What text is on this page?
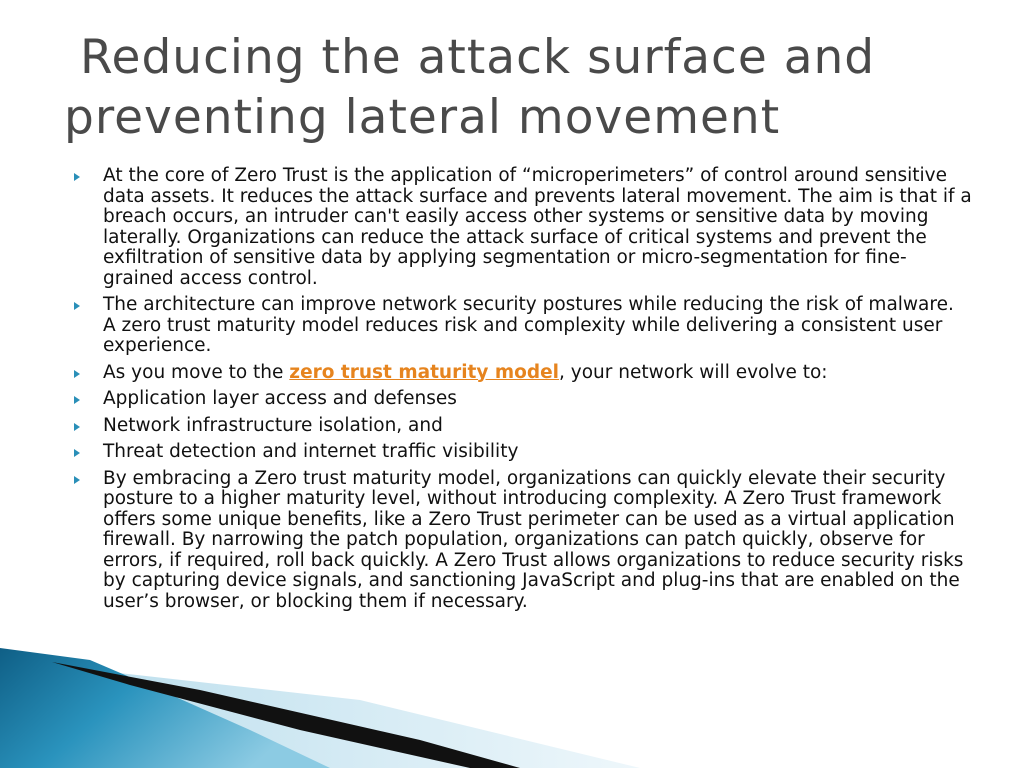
Reducing the attack surface and
preventing lateral movement
At the core of Zero Trust is the application of “microperimeters” of control around sensitive data assets. It reduces the attack surface and prevents lateral movement. The aim is that if a breach occurs, an intruder can't easily access other systems or sensitive data by moving laterally. Organizations can reduce the attack surface of critical systems and prevent the exfiltration of sensitive data by applying segmentation or micro-segmentation for fine-grained access control.
The architecture can improve network security postures while reducing the risk of malware. A zero trust maturity model reduces risk and complexity while delivering a consistent user experience.
As you move to the zero trust maturity model, your network will evolve to:
Application layer access and defenses
Network infrastructure isolation, and
Threat detection and internet traffic visibility
By embracing a Zero trust maturity model, organizations can quickly elevate their security posture to a higher maturity level, without introducing complexity. A Zero Trust framework offers some unique benefits, like a Zero Trust perimeter can be used as a virtual application firewall. By narrowing the patch population, organizations can patch quickly, observe for errors, if required, roll back quickly. A Zero Trust allows organizations to reduce security risks by capturing device signals, and sanctioning JavaScript and plug-ins that are enabled on the user’s browser, or blocking them if necessary.
